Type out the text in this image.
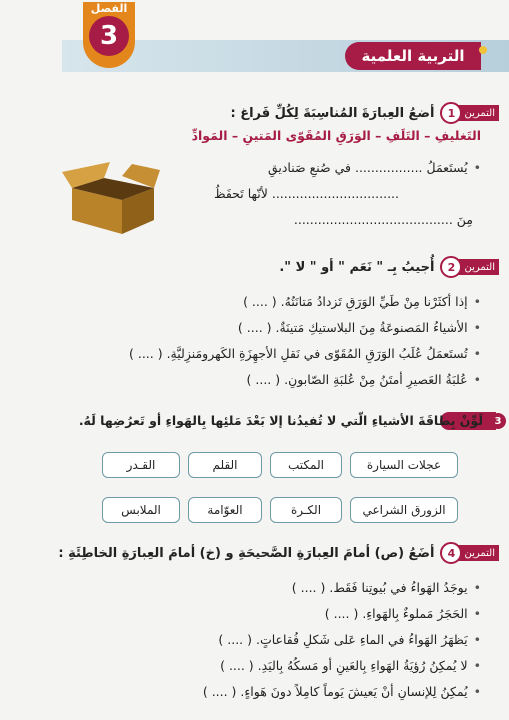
الفصل
3
التربية العلمية
التمرين
1
أضعُ العِبارَةَ المُناسِبَةَ لِكُلِّ فَراغ :
التَغليفِ – التَلَفِ – الوَرَقِ المُقَوّى المَتينِ – المَوادِّ
• يُستَعمَلُ ................. في صُنعِ صَناديقِ
................................ لأنّها تَحفَظُ
مِنَ ........................................
التمرين
2
أُجيبُ بِـ " نَعَم " أو " لا ".
• إذا أكثَرْنا مِنْ طَيِّ الوَرَقِ تَزدادُ مَتانَتُهُ. ( .... )
• الأشياءُ المَصنوعَةُ مِنَ البلاستيكِ مَتينَةٌ. ( .... )
• تُستَعمَلُ عُلَبُ الوَرَقِ المُقَوّى في نَقلِ الأجهِزَةِ الكَهرومَنزِليَّةِ. ( .... )
• عُلبَةُ العَصيرِ أمتَنُ مِنْ عُلبَةِ الصّابونِ. ( .... )
3
لَوِّنْ بِطاقَةَ الأشياءِ الّتي لا تُفيدُنا إلا بَعْدَ مَلئِها بِالهَواءِ أو تَعرُضِها لَهُ.
عجلات السيارة
المكتب
القلم
القـدر
الزورق الشراعي
الكـرة
العوّامة
الملابس
التمرين
4
أضَعُ (ص) أمامَ العِبارَةِ الصَّحيحَةِ و (خ) أمامَ العِبارَةِ الخاطِئَةِ :
• يوجَدُ الهَواءُ في بُيوتِنا فَقَط. ( .... )
• الحَجَرُ مَملوءٌ بِالهَواءِ. ( .... )
• يَظهَرُ الهَواءُ في الماءِ عَلى شَكلِ فُقاعاتٍ. ( .... )
• لا يُمكِنُ رُؤيَةُ الهَواءِ بِالعَينِ أو مَسكُهُ بِاليَدِ. ( .... )
• يُمكِنُ لِلإنسانِ أنْ يَعيشَ يَوماً كامِلاً دونَ هَواءٍ. ( .... )
